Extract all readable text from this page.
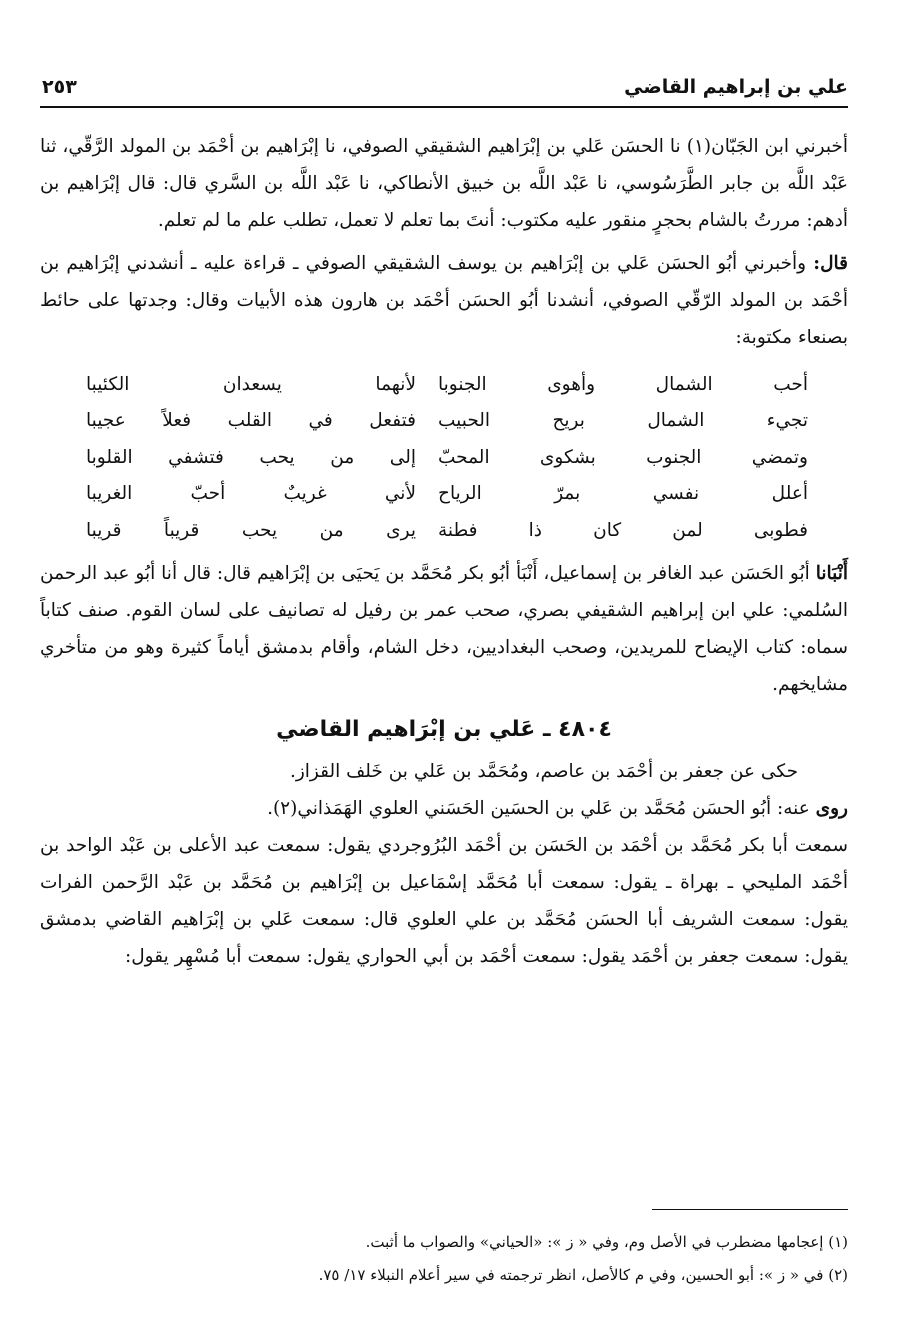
علي بن إبراهيم القاضي
٢٥٣

أخبرني ابن الجَبّان(١) نا الحسَن عَلي بن إبْرَاهيم الشقيقي الصوفي، نا إبْرَاهيم بن أحْمَد بن المولد الرَّقّي، ثنا عَبْد اللَّه بن جابر الطَّرَسُوسي، نا عَبْد اللَّه بن خبيق الأنطاكي، نا عَبْد اللَّه بن السَّري قال: قال إبْرَاهيم بن أدهم: مررتُ بالشام بحجرٍ منقور عليه مكتوب: أنتَ بما تعلم لا تعمل، تطلب علم ما لم تعلم.

قال: وأخبرني أبُو الحسَن عَلي بن إبْرَاهيم بن يوسف الشقيقي الصوفي ـ قراءة عليه ـ أنشدني إبْرَاهيم بن أحْمَد بن المولد الرّقّي الصوفي، أنشدنا أبُو الحسَن أحْمَد بن هارون هذه الأبيات وقال: وجدتها على حائط بصنعاء مكتوبة:

أحب الشمال وأهوى الجنوبا
لأنهما يسعدان الكئيبا
تجيء الشمال بريح الحبيب
فتفعل في القلب فعلاً عجيبا
وتمضي الجنوب بشكوى المحبّ
إلى من يحب فتشفي القلوبا
أعلل نفسي بمرّ الرياح
لأني غريبٌ أحبّ الغريبا
فطوبى لمن كان ذا فطنة
يرى من يحب قريباً قريبا

أَنْبَانا أبُو الحَسَن عبد الغافر بن إسماعيل، أَنْبَأ أبُو بكر مُحَمَّد بن يَحيَى بن إبْرَاهيم قال: قال أنا أبُو عبد الرحمن السُلمي: علي ابن إبراهيم الشقيفي بصري، صحب عمر بن رفيل له تصانيف على لسان القوم. صنف كتاباً سماه: كتاب الإيضاح للمريدين، وصحب البغداديين، دخل الشام، وأقام بدمشق أياماً كثيرة وهو من متأخري مشايخهم.

٤٨٠٤ ـ عَلي بن إبْرَاهيم القاضي

حكى عن جعفر بن أحْمَد بن عاصم، ومُحَمَّد بن عَلي بن خَلف القزاز.

روى عنه: أبُو الحسَن مُحَمَّد بن عَلي بن الحسَين الحَسَني العلوي الهَمَذاني(٢).

سمعت أبا بكر مُحَمَّد بن أحْمَد بن الحَسَن بن أحْمَد البُرُوجردي يقول: سمعت عبد الأعلى بن عَبْد الواحد بن أحْمَد المليحي ـ بهراة ـ يقول: سمعت أبا مُحَمَّد إسْمَاعيل بن إبْرَاهيم بن مُحَمَّد بن عَبْد الرَّحمن الفرات يقول: سمعت الشريف أبا الحسَن مُحَمَّد بن علي العلوي قال: سمعت عَلي بن إبْرَاهيم القاضي بدمشق يقول: سمعت جعفر بن أحْمَد يقول: سمعت أحْمَد بن أبي الحواري يقول: سمعت أبا مُسْهِر يقول:

(١) إعجامها مضطرب في الأصل وم، وفي « ز »: «الحياني» والصواب ما أثبت.

(٢) في « ز »: أبو الحسين، وفي م كالأصل، انظر ترجمته في سير أعلام النبلاء ١٧/ ٧٥.
